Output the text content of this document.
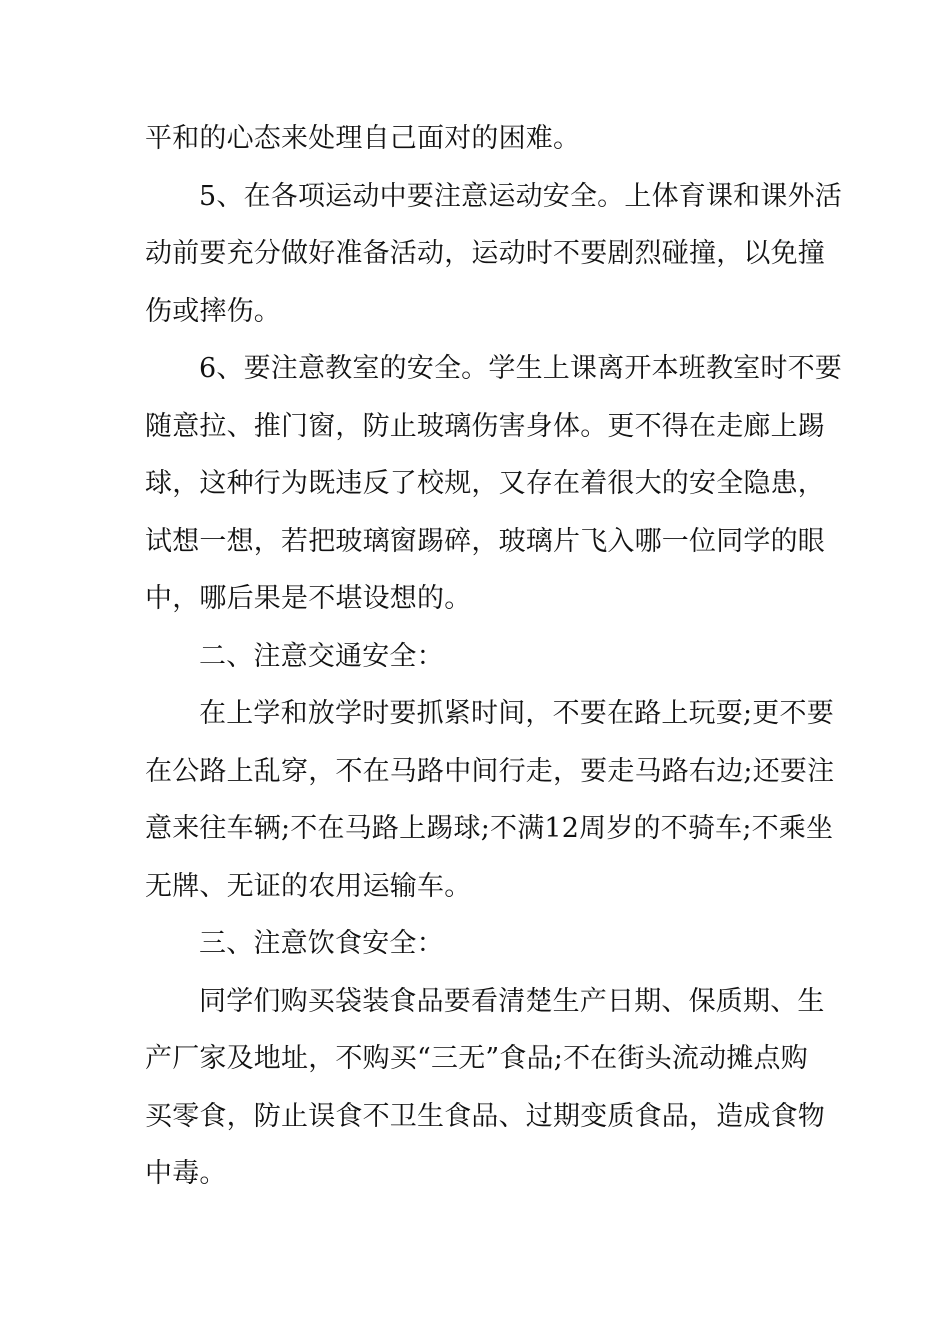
平和的心态来处理自己面对的困难。
5、在各项运动中要注意运动安全。上体育课和课外活
动前要充分做好准备活动，运动时不要剧烈碰撞，以免撞
伤或摔伤。
6、要注意教室的安全。学生上课离开本班教室时不要
随意拉、推门窗，防止玻璃伤害身体。更不得在走廊上踢
球，这种行为既违反了校规，又存在着很大的安全隐患，
试想一想，若把玻璃窗踢碎，玻璃片飞入哪一位同学的眼
中，哪后果是不堪设想的。
二、注意交通安全：
在上学和放学时要抓紧时间，不要在路上玩耍;更不要
在公路上乱穿，不在马路中间行走，要走马路右边;还要注
意来往车辆;不在马路上踢球;不满12周岁的不骑车;不乘坐
无牌、无证的农用运输车。
三、注意饮食安全：
同学们购买袋装食品要看清楚生产日期、保质期、生
产厂家及地址，不购买“三无”食品;不在街头流动摊点购
买零食，防止误食不卫生食品、过期变质食品，造成食物
中毒。
